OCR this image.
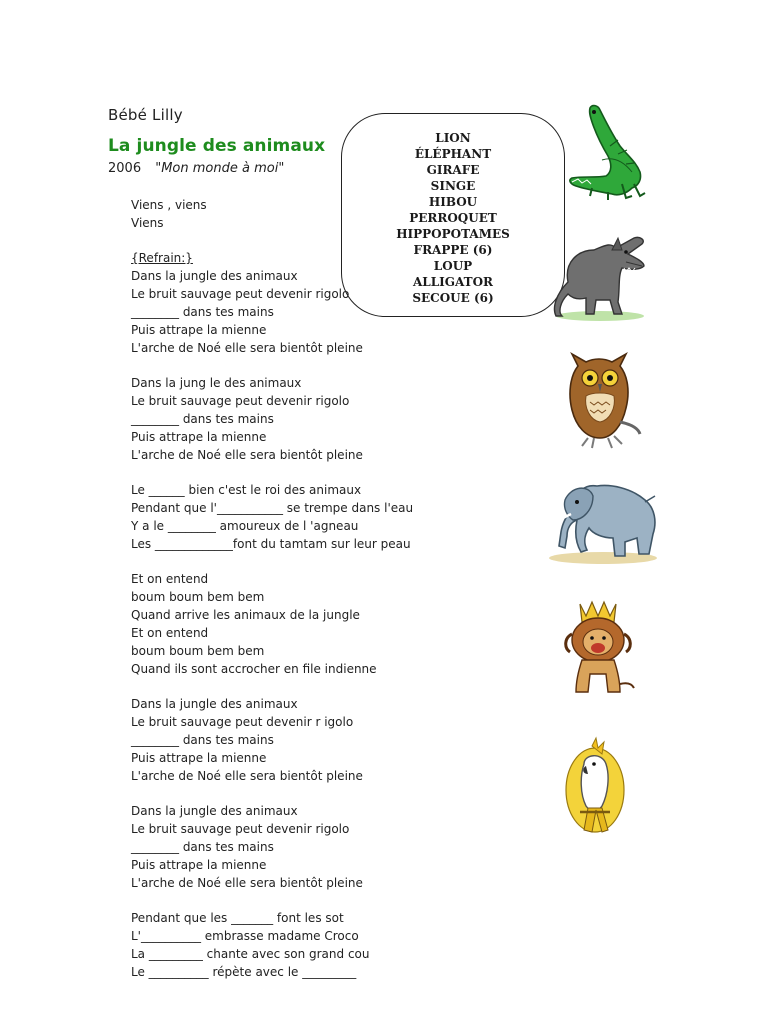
Bébé Lilly
La jungle des animaux
2006 "Mon monde à moi"
LION
ÉLÉPHANT
GIRAFE
SINGE
HIBOU
PERROQUET
HIPPOPOTAMES
FRAPPE (6)
LOUP
ALLIGATOR
SECOUE (6)
Viens , viens
Viens
{Refrain:}
Dans la jungle des animaux
Le bruit sauvage peut devenir rigolo
________ dans tes mains
Puis attrape la mienne
L'arche de Noé elle sera bientôt pleine
Dans la jung le des animaux
Le bruit sauvage peut devenir rigolo
________ dans tes mains
Puis attrape la mienne
L'arche de Noé elle sera bientôt pleine
Le ______ bien c'est le roi des animaux
Pendant que l'___________ se trempe dans l'eau
Y a le ________ amoureux de l 'agneau
Les _____________font du tamtam sur leur peau
Et on entend
boum boum bem bem
Quand arrive les animaux de la jungle
Et on entend
boum boum bem bem
Quand ils sont accrocher en file indienne
Dans la jungle des animaux
Le bruit sauvage peut devenir r igolo
________ dans tes mains
Puis attrape la mienne
L'arche de Noé elle sera bientôt pleine
Dans la jungle des animaux
Le bruit sauvage peut devenir rigolo
________ dans tes mains
Puis attrape la mienne
L'arche de Noé elle sera bientôt pleine
Pendant que les _______ font les sot
L'__________ embrasse madame Croco
La _________ chante avec son grand cou
Le __________ répète avec le _________
